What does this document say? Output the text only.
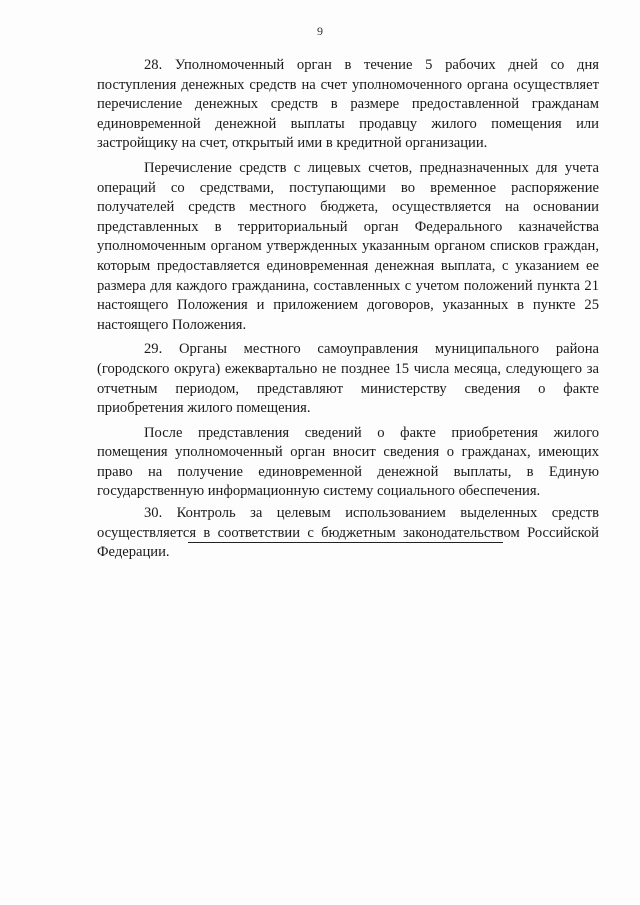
9

28. Уполномоченный орган в течение 5 рабочих дней со дня поступления денежных средств на счет уполномоченного органа осуществляет перечисление денежных средств в размере предоставленной гражданам единовременной денежной выплаты продавцу жилого помещения или застройщику на счет, открытый ими в кредитной организации.

Перечисление средств с лицевых счетов, предназначенных для учета операций со средствами, поступающими во временное распоряжение получателей средств местного бюджета, осуществляется на основании представленных в территориальный орган Федерального казначейства уполномоченным органом утвержденных указанным органом списков граждан, которым предоставляется единовременная денежная выплата, с указанием ее размера для каждого гражданина, составленных с учетом положений пункта 21 настоящего Положения и приложением договоров, указанных в пункте 25 настоящего Положения.

29. Органы местного самоуправления муниципального района (городского округа) ежеквартально не позднее 15 числа месяца, следующего за отчетным периодом, представляют министерству сведения о факте приобретения жилого помещения.

После представления сведений о факте приобретения жилого помещения уполномоченный орган вносит сведения о гражданах, имеющих право на получение единовременной денежной выплаты, в Единую государственную информационную систему социального обеспечения.

30. Контроль за целевым использованием выделенных средств осуществляется в соответствии с бюджетным законодательством Российской Федерации.
